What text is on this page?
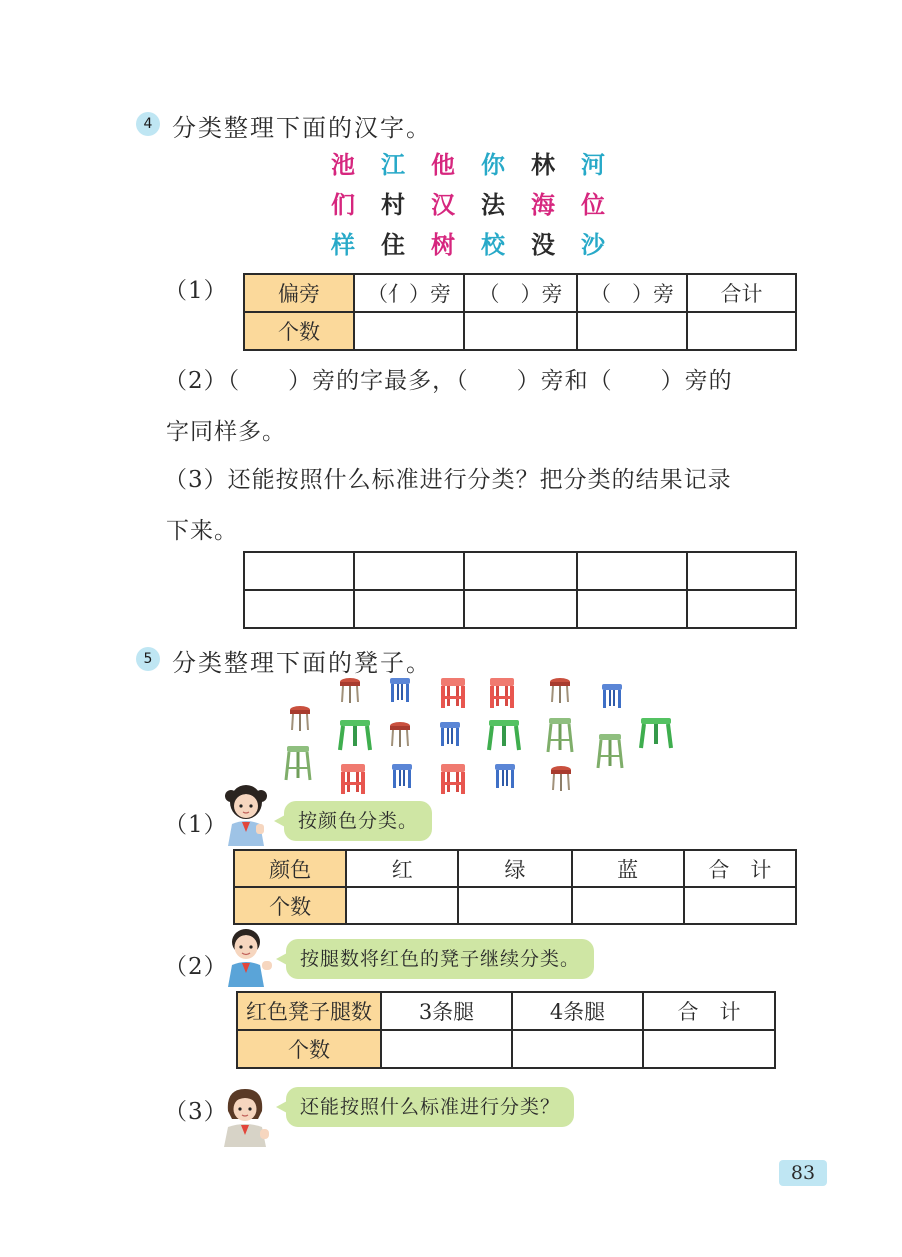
4 分类整理下面的汉字。
池	江	他	你	林	河
们	村	汉	法	海	位
样	住	树	校	没	沙
（1） 偏旁	（亻）旁	（　）旁	（　）旁	合计
个数				
（2）（　　）旁的字最多，（　　）旁和（　　）旁的
字同样多。
（3）还能按照什么标准进行分类？把分类的结果记录
下来。

5 分类整理下面的凳子。
（1）	按颜色分类。
颜色	红	绿	蓝	合　计
个数				
（2）	按腿数将红色的凳子继续分类。
红色凳子腿数	3条腿	4条腿	合　计
个数			
（3）	还能按照什么标准进行分类？
83
